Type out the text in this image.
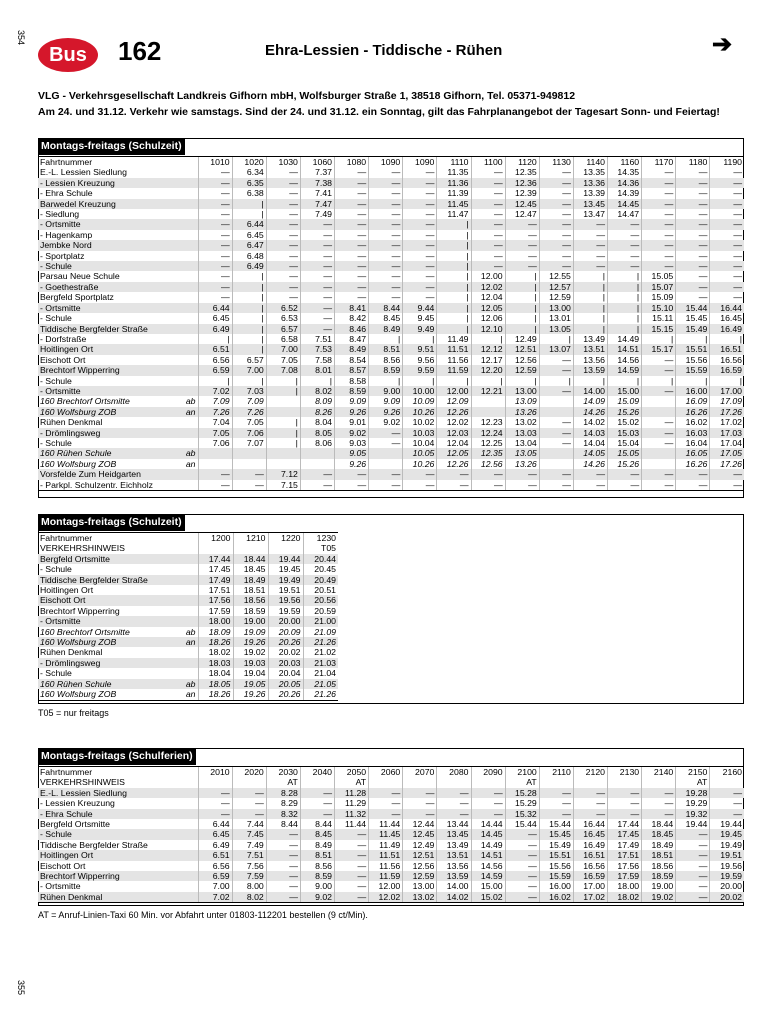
354
Bus	162	Ehra-Lessien - Tiddische - Rühen	➔
VLG - Verkehrsgesellschaft Landkreis Gifhorn mbH, Wolfsburger Straße 1, 38518 Gifhorn, Tel. 05371-949812
Am 24. und 31.12. Verkehr wie samstags. Sind der 24. und 31.12. ein Sonntag, gilt das Fahrplanangebot der Tagesart Sonn- und Feiertag!
Montags-freitags (Schulzeit)
Fahrtnummer		1010	1020	1030	1060	1080	1090	1090	1110	1100	1120	1130	1140	1160	1170	1180	1190
E.-L. Lessien Siedlung		—	6.34	—	7.37	—	—	—	11.35	—	12.35	—	13.35	14.35	—	—	—
- Lessien Kreuzung		—	6.35	—	7.38	—	—	—	11.36	—	12.36	—	13.36	14.36	—	—	—
- Ehra Schule		—	6.38	—	7.41	—	—	—	11.39	—	12.39	—	13.39	14.39	—	—	—
Barwedel Kreuzung		—	|	—	7.47	—	—	—	11.45	—	12.45	—	13.45	14.45	—	—	—
- Siedlung		—	|	—	7.49	—	—	—	11.47	—	12.47	—	13.47	14.47	—	—	—
- Ortsmitte		—	6.44	—	—	—	—	—	|	—	—	—	—	—	—	—	—
- Hagenkamp		—	6.45	—	—	—	—	—	|	—	—	—	—	—	—	—	—
Jembke Nord		—	6.47	—	—	—	—	—	|	—	—	—	—	—	—	—	—
- Sportplatz		—	6.48	—	—	—	—	—	|	—	—	—	—	—	—	—	—
- Schule		—	6.49	—	—	—	—	—	|	—	—	—	—	—	—	—	—
Parsau Neue Schule		—	|	—	—	—	—	—	|	12.00	|	12.55	|	|	15.05	—	—
- Goethestraße		—	|	—	—	—	—	—	|	12.02	|	12.57	|	|	15.07	—	—
Bergfeld Sportplatz		—	|	—	—	—	—	—	|	12.04	|	12.59	|	|	15.09	—	—
- Ortsmitte		6.44	|	6.52	—	8.41	8.44	9.44	|	12.05	|	13.00	|	|	15.10	15.44	16.44
- Schule		6.45	|	6.53	—	8.42	8.45	9.45	|	12.06	|	13.01	|	|	15.11	15.45	16.45
Tiddische Bergfelder Straße		6.49	|	6.57	—	8.46	8.49	9.49	|	12.10	|	13.05	|	|	15.15	15.49	16.49
- Dorfstraße		|	|	6.58	7.51	8.47	|	|	11.49	|	12.49	|	13.49	14.49	|	|	|
Hoitlingen Ort		6.51	|	7.00	7.53	8.49	8.51	9.51	11.51	12.12	12.51	13.07	13.51	14.51	15.17	15.51	16.51
Eischott Ort		6.56	6.57	7.05	7.58	8.54	8.56	9.56	11.56	12.17	12.56	—	13.56	14.56	—	15.56	16.56
Brechtorf Wipperring		6.59	7.00	7.08	8.01	8.57	8.59	9.59	11.59	12.20	12.59	—	13.59	14.59	—	15.59	16.59
- Schule		|	|	|	|	8.58	|	|	|	|	|	|	|	|	|	|	|
- Ortsmitte		7.02	7.03	|	8.02	8.59	9.00	10.00	12.00	12.21	13.00	—	14.00	15.00	—	16.00	17.00
160 Brechtorf Ortsmitte	ab	7.09	7.09		8.09	9.09	9.09	10.09	12.09		13.09		14.09	15.09		16.09	17.09
160 Wolfsburg ZOB	an	7.26	7.26		8.26	9.26	9.26	10.26	12.26		13.26		14.26	15.26		16.26	17.26
Rühen Denkmal		7.04	7.05	|	8.04	9.01	9.02	10.02	12.02	12.23	13.02	—	14.02	15.02	—	16.02	17.02
- Drömlingsweg		7.05	7.06	|	8.05	9.02	—	10.03	12.03	12.24	13.03	—	14.03	15.03	—	16.03	17.03
- Schule		7.06	7.07	|	8.06	9.03	—	10.04	12.04	12.25	13.04	—	14.04	15.04	—	16.04	17.04
160 Rühen Schule	ab					9.05		10.05	12.05	12.35	13.05		14.05	15.05		16.05	17.05
160 Wolfsburg ZOB	an					9.26		10.26	12.26	12.56	13.26		14.26	15.26		16.26	17.26
Vorsfelde Zum Heidgarten		—	—	7.12	—	—	—	—	—	—	—	—	—	—	—	—	—
- Parkpl. Schulzentr. Eichholz		—	—	7.15	—	—	—	—	—	—	—	—	—	—	—	—	—
Montags-freitags (Schulzeit)
Fahrtnummer		1200	1210	1220	1230
VERKEHRSHINWEIS					T05
Bergfeld Ortsmitte		17.44	18.44	19.44	20.44
- Schule		17.45	18.45	19.45	20.45
Tiddische Bergfelder Straße		17.49	18.49	19.49	20.49
Hoitlingen Ort		17.51	18.51	19.51	20.51
Eischott Ort		17.56	18.56	19.56	20.56
Brechtorf Wipperring		17.59	18.59	19.59	20.59
- Ortsmitte		18.00	19.00	20.00	21.00
160 Brechtorf Ortsmitte	ab	18.09	19.09	20.09	21.09
160 Wolfsburg ZOB	an	18.26	19.26	20.26	21.26
Rühen Denkmal		18.02	19.02	20.02	21.02
- Drömlingsweg		18.03	19.03	20.03	21.03
- Schule		18.04	19.04	20.04	21.04
160 Rühen Schule	ab	18.05	19.05	20.05	21.05
160 Wolfsburg ZOB	an	18.26	19.26	20.26	21.26
T05 = nur freitags
Montags-freitags (Schulferien)
Fahrtnummer		2010	2020	2030	2040	2050	2060	2070	2080	2090	2100	2110	2120	2130	2140	2150	2160
VERKEHRSHINWEIS				AT		AT					AT					AT	
E.-L. Lessien Siedlung		—	—	8.28	—	11.28	—	—	—	—	15.28	—	—	—	—	19.28	—
- Lessien Kreuzung		—	—	8.29	—	11.29	—	—	—	—	15.29	—	—	—	—	19.29	—
- Ehra Schule		—	—	8.32	—	11.32	—	—	—	—	15.32	—	—	—	—	19.32	—
Bergfeld Ortsmitte		6.44	7.44	8.44	8.44	11.44	11.44	12.44	13.44	14.44	15.44	15.44	16.44	17.44	18.44	19.44	19.44
- Schule		6.45	7.45	—	8.45	—	11.45	12.45	13.45	14.45	—	15.45	16.45	17.45	18.45	—	19.45
Tiddische Bergfelder Straße		6.49	7.49	—	8.49	—	11.49	12.49	13.49	14.49	—	15.49	16.49	17.49	18.49	—	19.49
Hoitlingen Ort		6.51	7.51	—	8.51	—	11.51	12.51	13.51	14.51	—	15.51	16.51	17.51	18.51	—	19.51
Eischott Ort		6.56	7.56	—	8.56	—	11.56	12.56	13.56	14.56	—	15.56	16.56	17.56	18.56	—	19.56
Brechtorf Wipperring		6.59	7.59	—	8.59	—	11.59	12.59	13.59	14.59	—	15.59	16.59	17.59	18.59	—	19.59
- Ortsmitte		7.00	8.00	—	9.00	—	12.00	13.00	14.00	15.00	—	16.00	17.00	18.00	19.00	—	20.00
Rühen Denkmal		7.02	8.02	—	9.02	—	12.02	13.02	14.02	15.02	—	16.02	17.02	18.02	19.02	—	20.02
AT = Anruf-Linien-Taxi 60 Min. vor Abfahrt unter 01803-112201 bestellen (9 ct/Min).
355
